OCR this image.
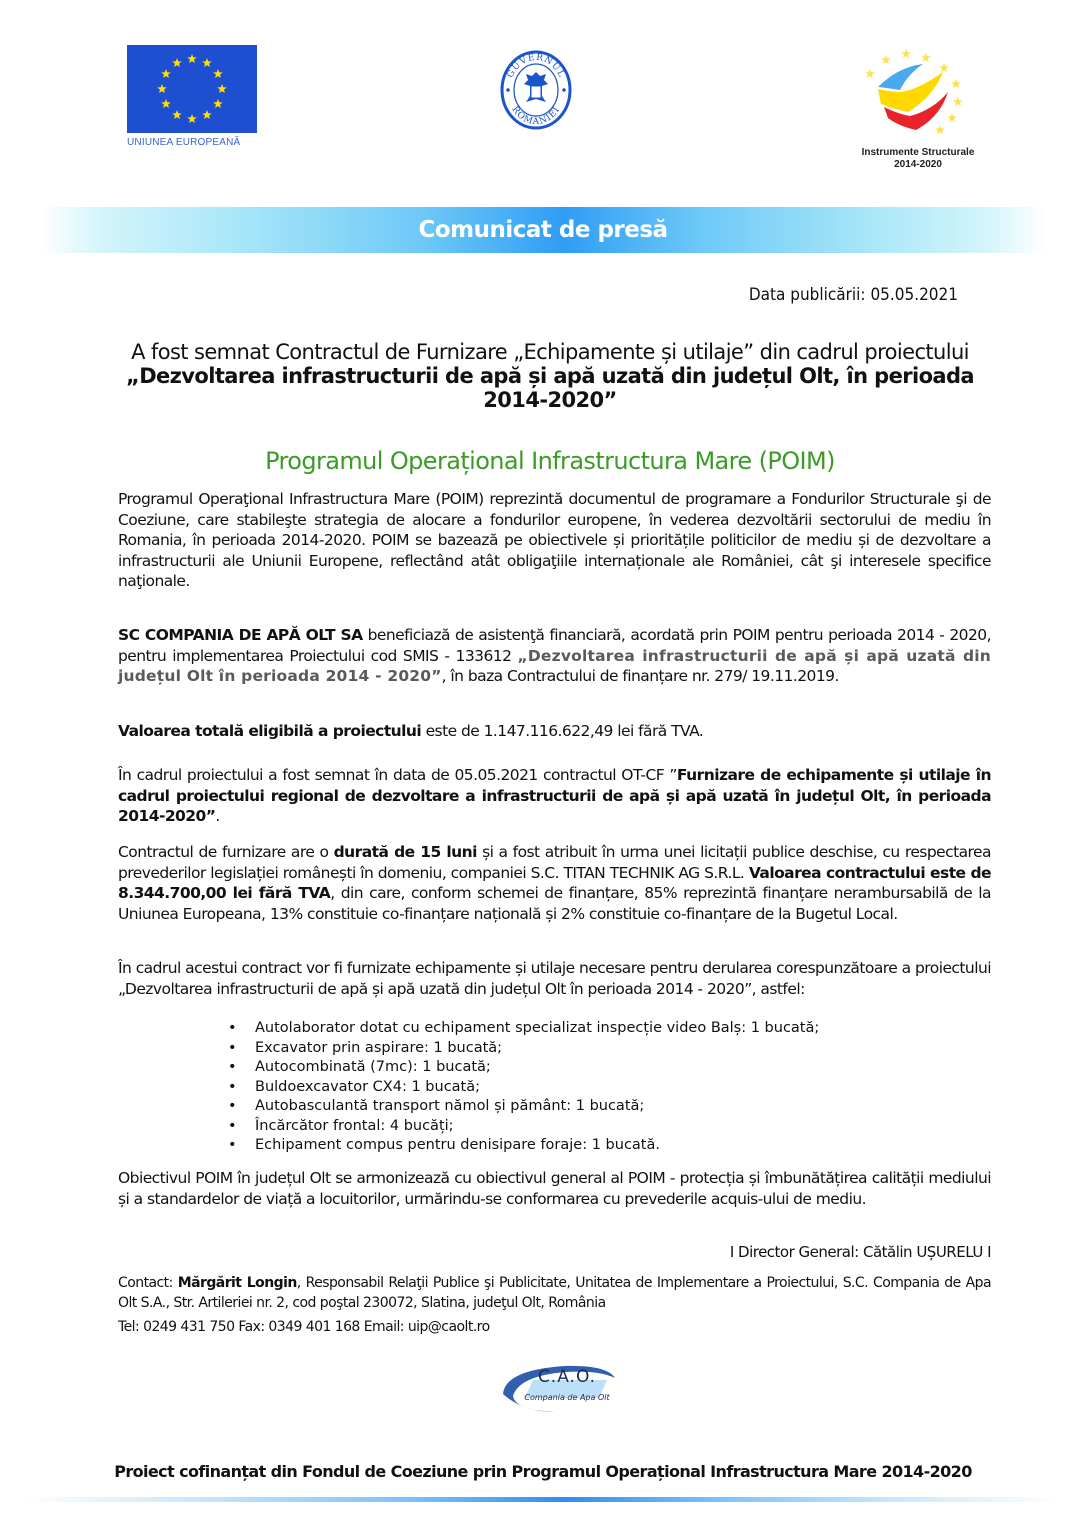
UNIUNEA EUROPEANĂ
GUVERNUL
ROMÂNIEI
Instrumente Structurale
2014-2020
Comunicat de presă
Data publicării: 05.05.2021
A fost semnat Contractul de Furnizare „Echipamente și utilaje” din cadrul proiectului „Dezvoltarea infrastructurii de apă și apă uzată din județul Olt, în perioada 2014-2020”
Programul Operațional Infrastructura Mare (POIM)
Programul Operaţional Infrastructura Mare (POIM) reprezintă documentul de programare a Fondurilor Structurale şi de Coeziune, care stabileşte strategia de alocare a fondurilor europene, în vederea dezvoltării sectorului de mediu în Romania, în perioada 2014-2020. POIM se bazează pe obiectivele și prioritățile politicilor de mediu și de dezvoltare a infrastructurii ale Uniunii Europene, reflectând atât obligaţiile internaționale ale României, cât şi interesele specifice naţionale.
SC COMPANIA DE APĂ OLT SA beneficiază de asistenţă financiară, acordată prin POIM pentru perioada 2014 - 2020, pentru implementarea Proiectului cod SMIS - 133612 „Dezvoltarea infrastructurii de apă și apă uzată din județul Olt în perioada 2014 - 2020”, în baza Contractului de finanțare nr. 279/ 19.11.2019.
Valoarea totală eligibilă a proiectului este de 1.147.116.622,49 lei fără TVA.
În cadrul proiectului a fost semnat în data de 05.05.2021 contractul OT-CF ”Furnizare de echipamente și utilaje în cadrul proiectului regional de dezvoltare a infrastructurii de apă și apă uzată în județul Olt, în perioada 2014-2020”.
Contractul de furnizare are o durată de 15 luni și a fost atribuit în urma unei licitații publice deschise, cu respectarea prevederilor legislației românești în domeniu, companiei S.C. TITAN TECHNIK AG S.R.L. Valoarea contractului este de 8.344.700,00 lei fără TVA, din care, conform schemei de finanțare, 85% reprezintă finanțare nerambursabilă de la Uniunea Europeana, 13% constituie co-finanțare națională și 2% constituie co-finanțare de la Bugetul Local.
În cadrul acestui contract vor fi furnizate echipamente și utilaje necesare pentru derularea corespunzătoare a proiectului „Dezvoltarea infrastructurii de apă și apă uzată din județul Olt în perioada 2014 - 2020”, astfel:
• Autolaborator dotat cu echipament specializat inspecție video Balș: 1 bucată;
• Excavator prin aspirare: 1 bucată;
• Autocombinată (7mc): 1 bucată;
• Buldoexcavator CX4: 1 bucată;
• Autobasculantă transport nămol și pământ: 1 bucată;
• Încărcător frontal: 4 bucăți;
• Echipament compus pentru denisipare foraje: 1 bucată.
Obiectivul POIM în județul Olt se armonizează cu obiectivul general al POIM - protecția și îmbunătățirea calității mediului și a standardelor de viață a locuitorilor, urmărindu-se conformarea cu prevederile acquis-ului de mediu.
I Director General: Cătălin UȘURELU I
Contact: Mărgărit Longin, Responsabil Relaţii Publice şi Publicitate, Unitatea de Implementare a Proiectului, S.C. Compania de Apa Olt S.A., Str. Artileriei nr. 2, cod poştal 230072, Slatina, judeţul Olt, România
Tel: 0249 431 750 Fax: 0349 401 168 Email: uip@caolt.ro
C.A.O.
Compania de Apa Olt
Proiect cofinanțat din Fondul de Coeziune prin Programul Operațional Infrastructura Mare 2014-2020
